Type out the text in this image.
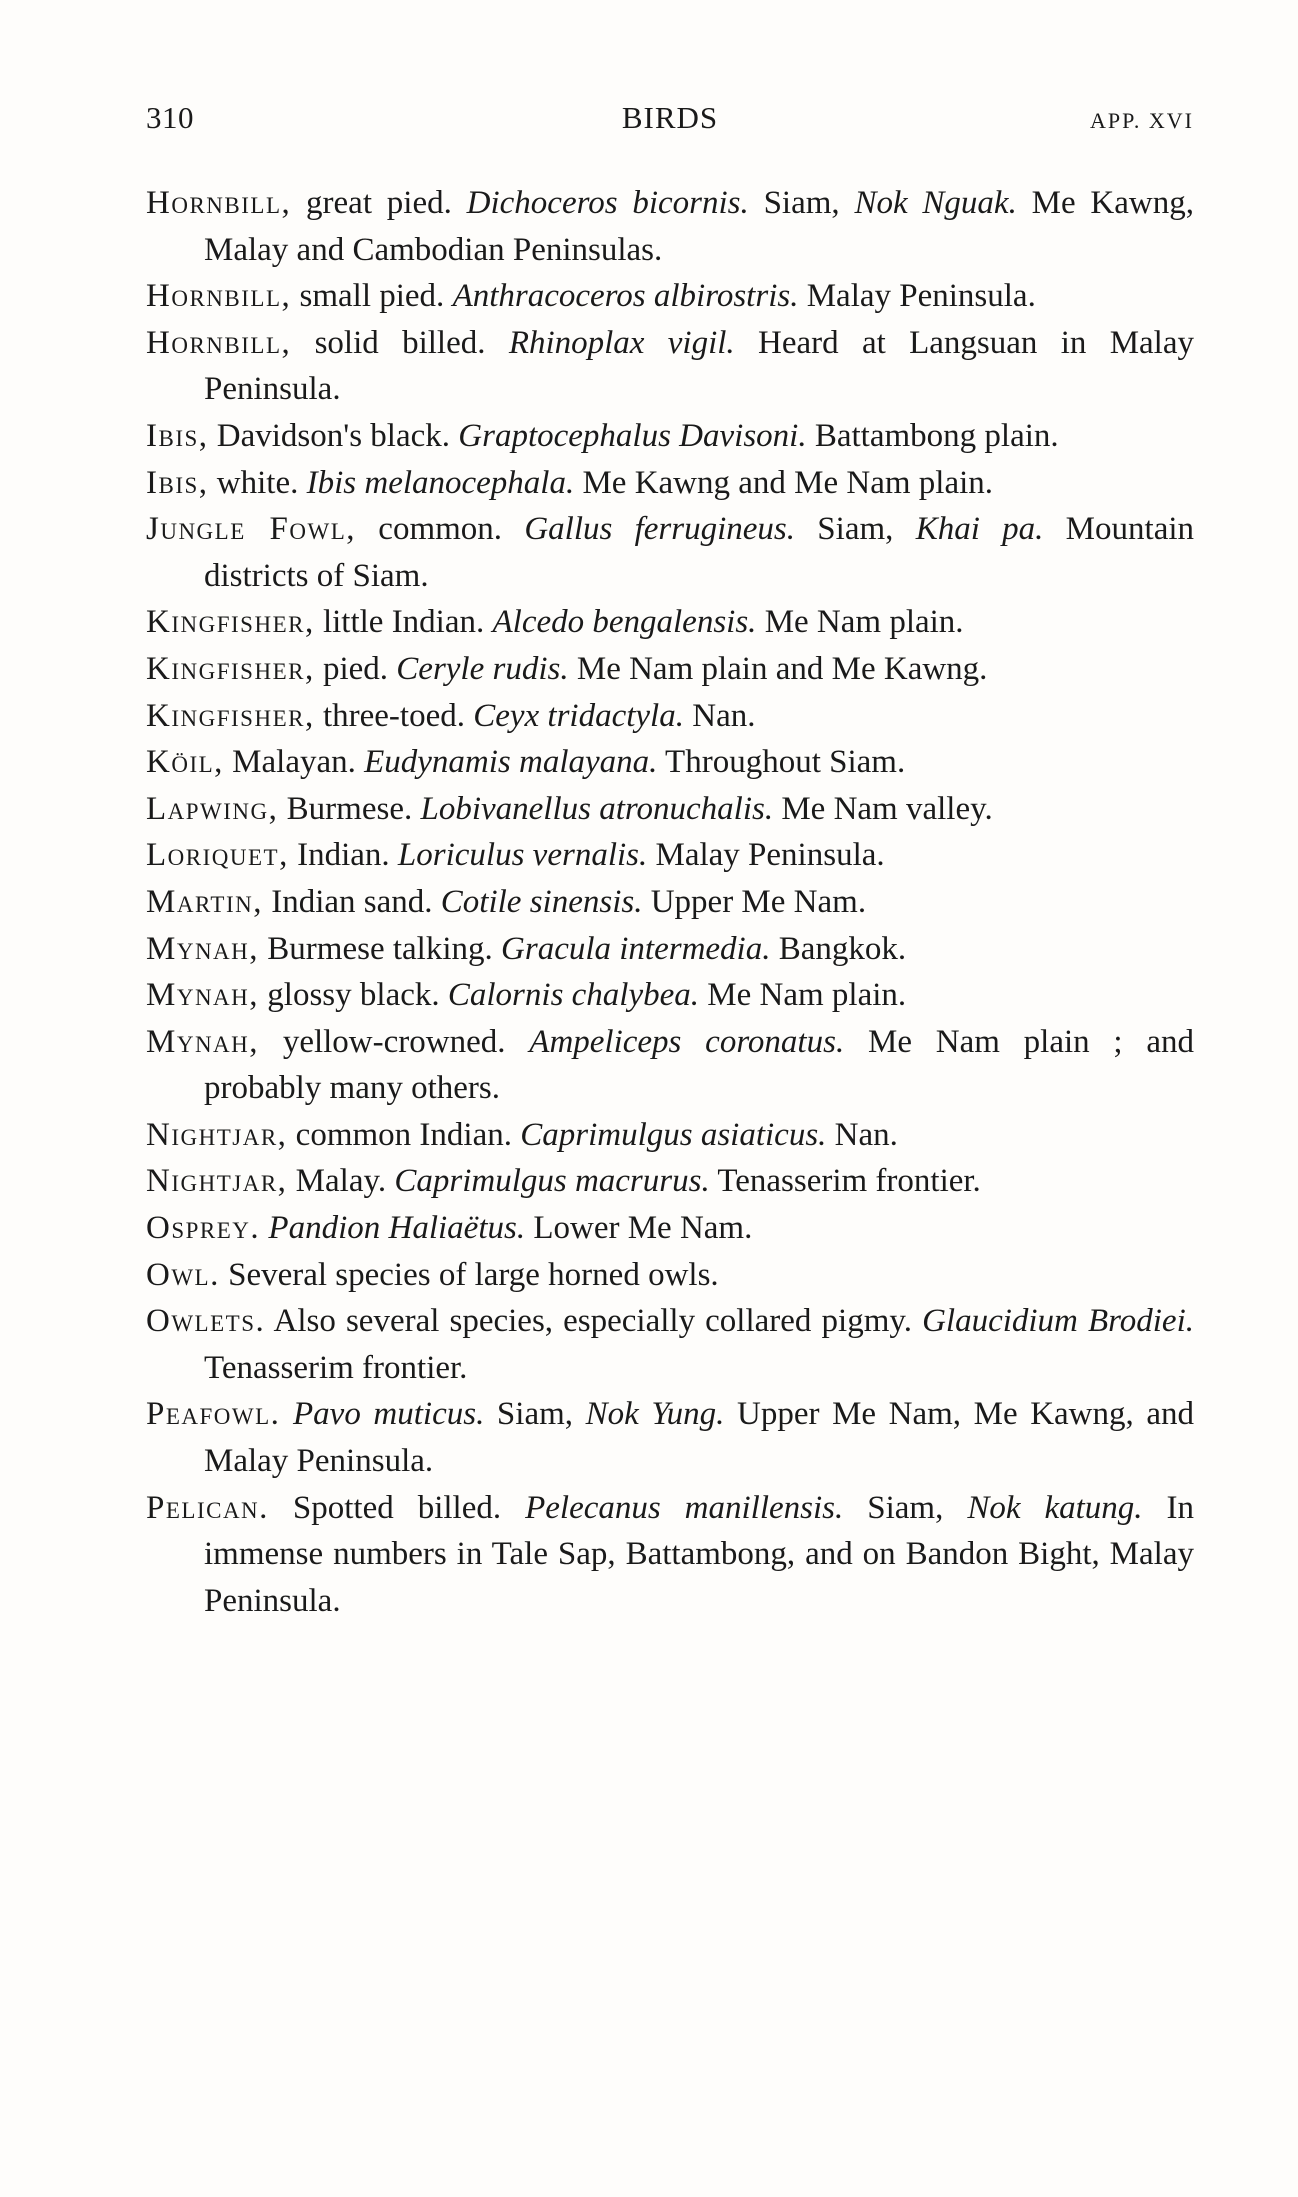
310	BIRDS	APP. XVI
Hornbill, great pied. Dichoceros bicornis. Siam, Nok Nguak. Me Kawng, Malay and Cambodian Peninsulas.
Hornbill, small pied. Anthracoceros albirostris. Malay Peninsula.
Hornbill, solid billed. Rhinoplax vigil. Heard at Langsuan in Malay Peninsula.
Ibis, Davidson's black. Graptocephalus Davisoni. Battambong plain.
Ibis, white. Ibis melanocephala. Me Kawng and Me Nam plain.
Jungle Fowl, common. Gallus ferrugineus. Siam, Khai pa. Mountain districts of Siam.
Kingfisher, little Indian. Alcedo bengalensis. Me Nam plain.
Kingfisher, pied. Ceryle rudis. Me Nam plain and Me Kawng.
Kingfisher, three-toed. Ceyx tridactyla. Nan.
Köil, Malayan. Eudynamis malayana. Throughout Siam.
Lapwing, Burmese. Lobivanellus atronuchalis. Me Nam valley.
Loriquet, Indian. Loriculus vernalis. Malay Peninsula.
Martin, Indian sand. Cotile sinensis. Upper Me Nam.
Mynah, Burmese talking. Gracula intermedia. Bangkok.
Mynah, glossy black. Calornis chalybea. Me Nam plain.
Mynah, yellow-crowned. Ampeliceps coronatus. Me Nam plain ; and probably many others.
Nightjar, common Indian. Caprimulgus asiaticus. Nan.
Nightjar, Malay. Caprimulgus macrurus. Tenasserim frontier.
Osprey. Pandion Haliaëtus. Lower Me Nam.
Owl. Several species of large horned owls.
Owlets. Also several species, especially collared pigmy. Glaucidium Brodiei. Tenasserim frontier.
Peafowl. Pavo muticus. Siam, Nok Yung. Upper Me Nam, Me Kawng, and Malay Peninsula.
Pelican. Spotted billed. Pelecanus manillensis. Siam, Nok katung. In immense numbers in Tale Sap, Battambong, and on Bandon Bight, Malay Peninsula.
